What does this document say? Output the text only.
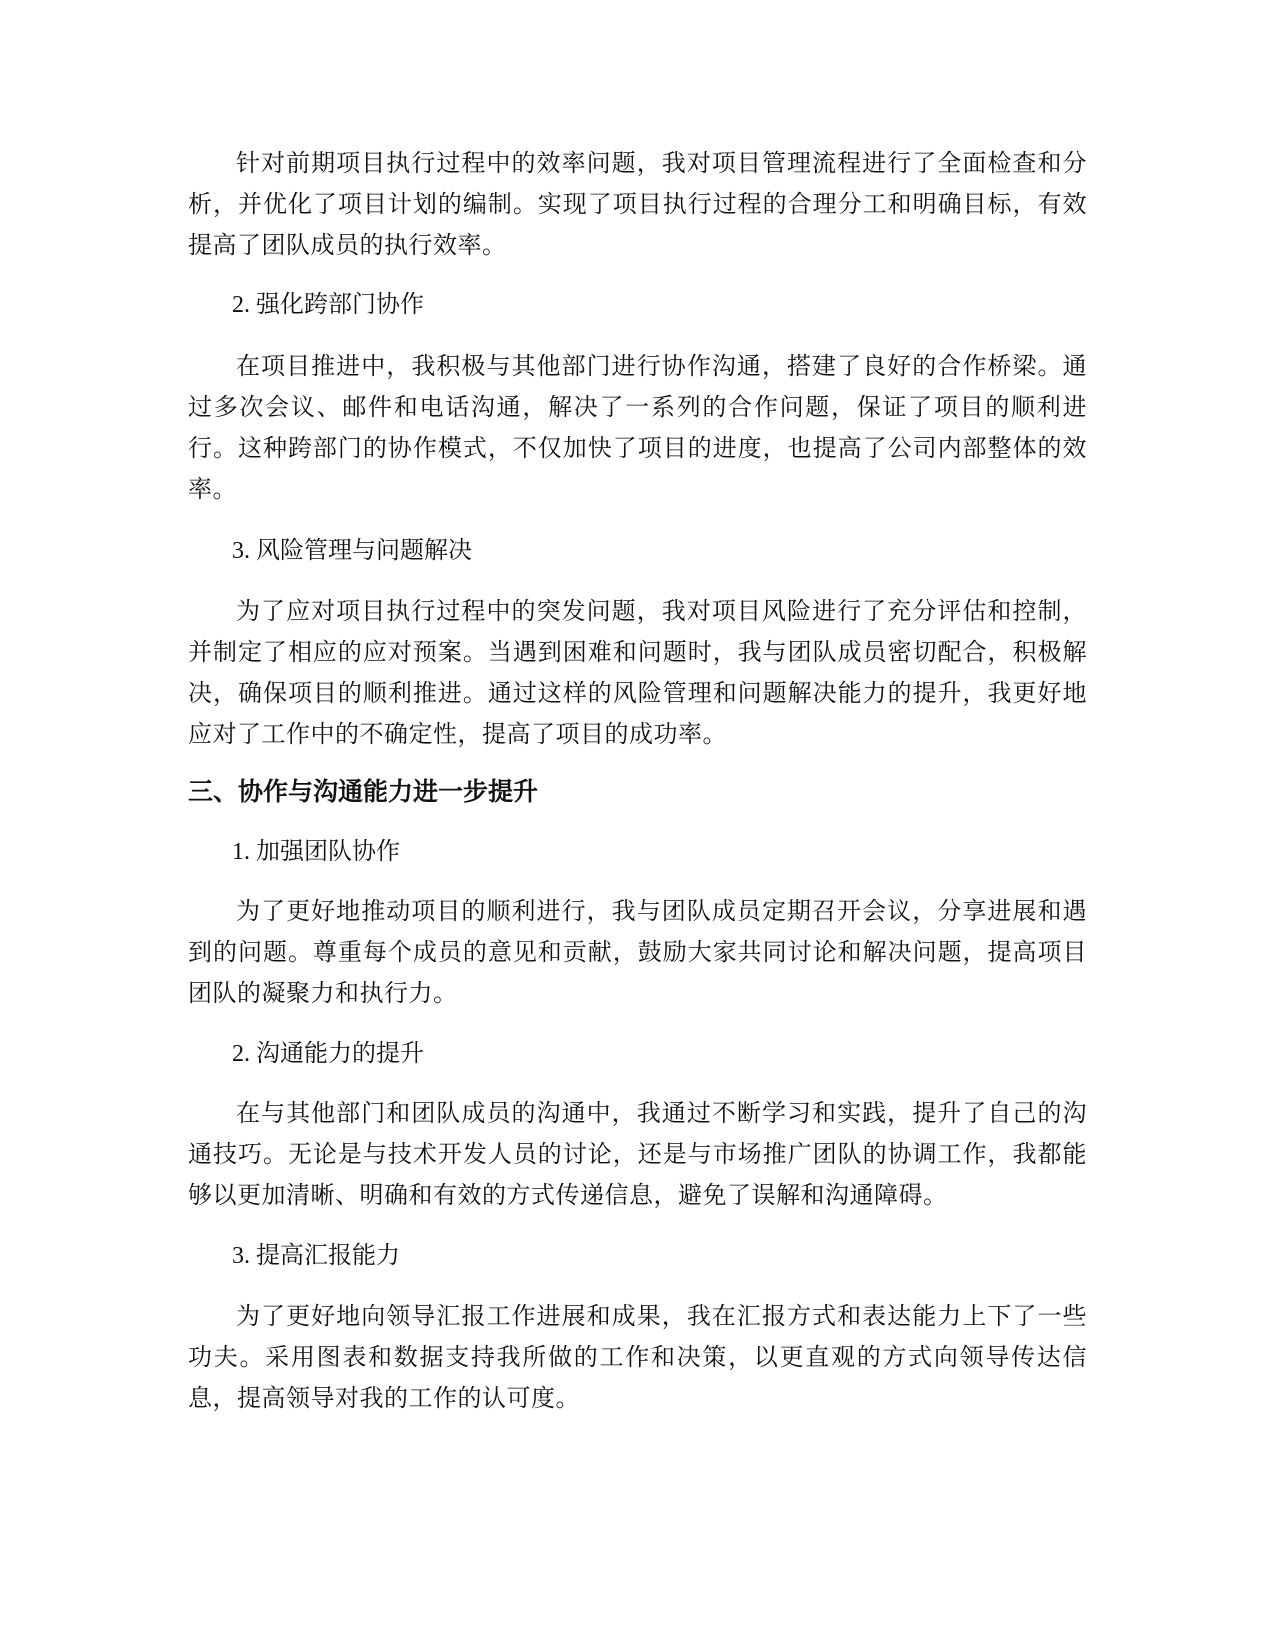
针对前期项目执行过程中的效率问题，我对项目管理流程进行了全面检查和分析，并优化了项目计划的编制。实现了项目执行过程的合理分工和明确目标，有效提高了团队成员的执行效率。

2. 强化跨部门协作

在项目推进中，我积极与其他部门进行协作沟通，搭建了良好的合作桥梁。通过多次会议、邮件和电话沟通，解决了一系列的合作问题，保证了项目的顺利进行。这种跨部门的协作模式，不仅加快了项目的进度，也提高了公司内部整体的效率。

3. 风险管理与问题解决

为了应对项目执行过程中的突发问题，我对项目风险进行了充分评估和控制，并制定了相应的应对预案。当遇到困难和问题时，我与团队成员密切配合，积极解决，确保项目的顺利推进。通过这样的风险管理和问题解决能力的提升，我更好地应对了工作中的不确定性，提高了项目的成功率。

三、协作与沟通能力进一步提升

1. 加强团队协作

为了更好地推动项目的顺利进行，我与团队成员定期召开会议，分享进展和遇到的问题。尊重每个成员的意见和贡献，鼓励大家共同讨论和解决问题，提高项目团队的凝聚力和执行力。

2. 沟通能力的提升

在与其他部门和团队成员的沟通中，我通过不断学习和实践，提升了自己的沟通技巧。无论是与技术开发人员的讨论，还是与市场推广团队的协调工作，我都能够以更加清晰、明确和有效的方式传递信息，避免了误解和沟通障碍。

3. 提高汇报能力

为了更好地向领导汇报工作进展和成果，我在汇报方式和表达能力上下了一些功夫。采用图表和数据支持我所做的工作和决策，以更直观的方式向领导传达信息，提高领导对我的工作的认可度。
